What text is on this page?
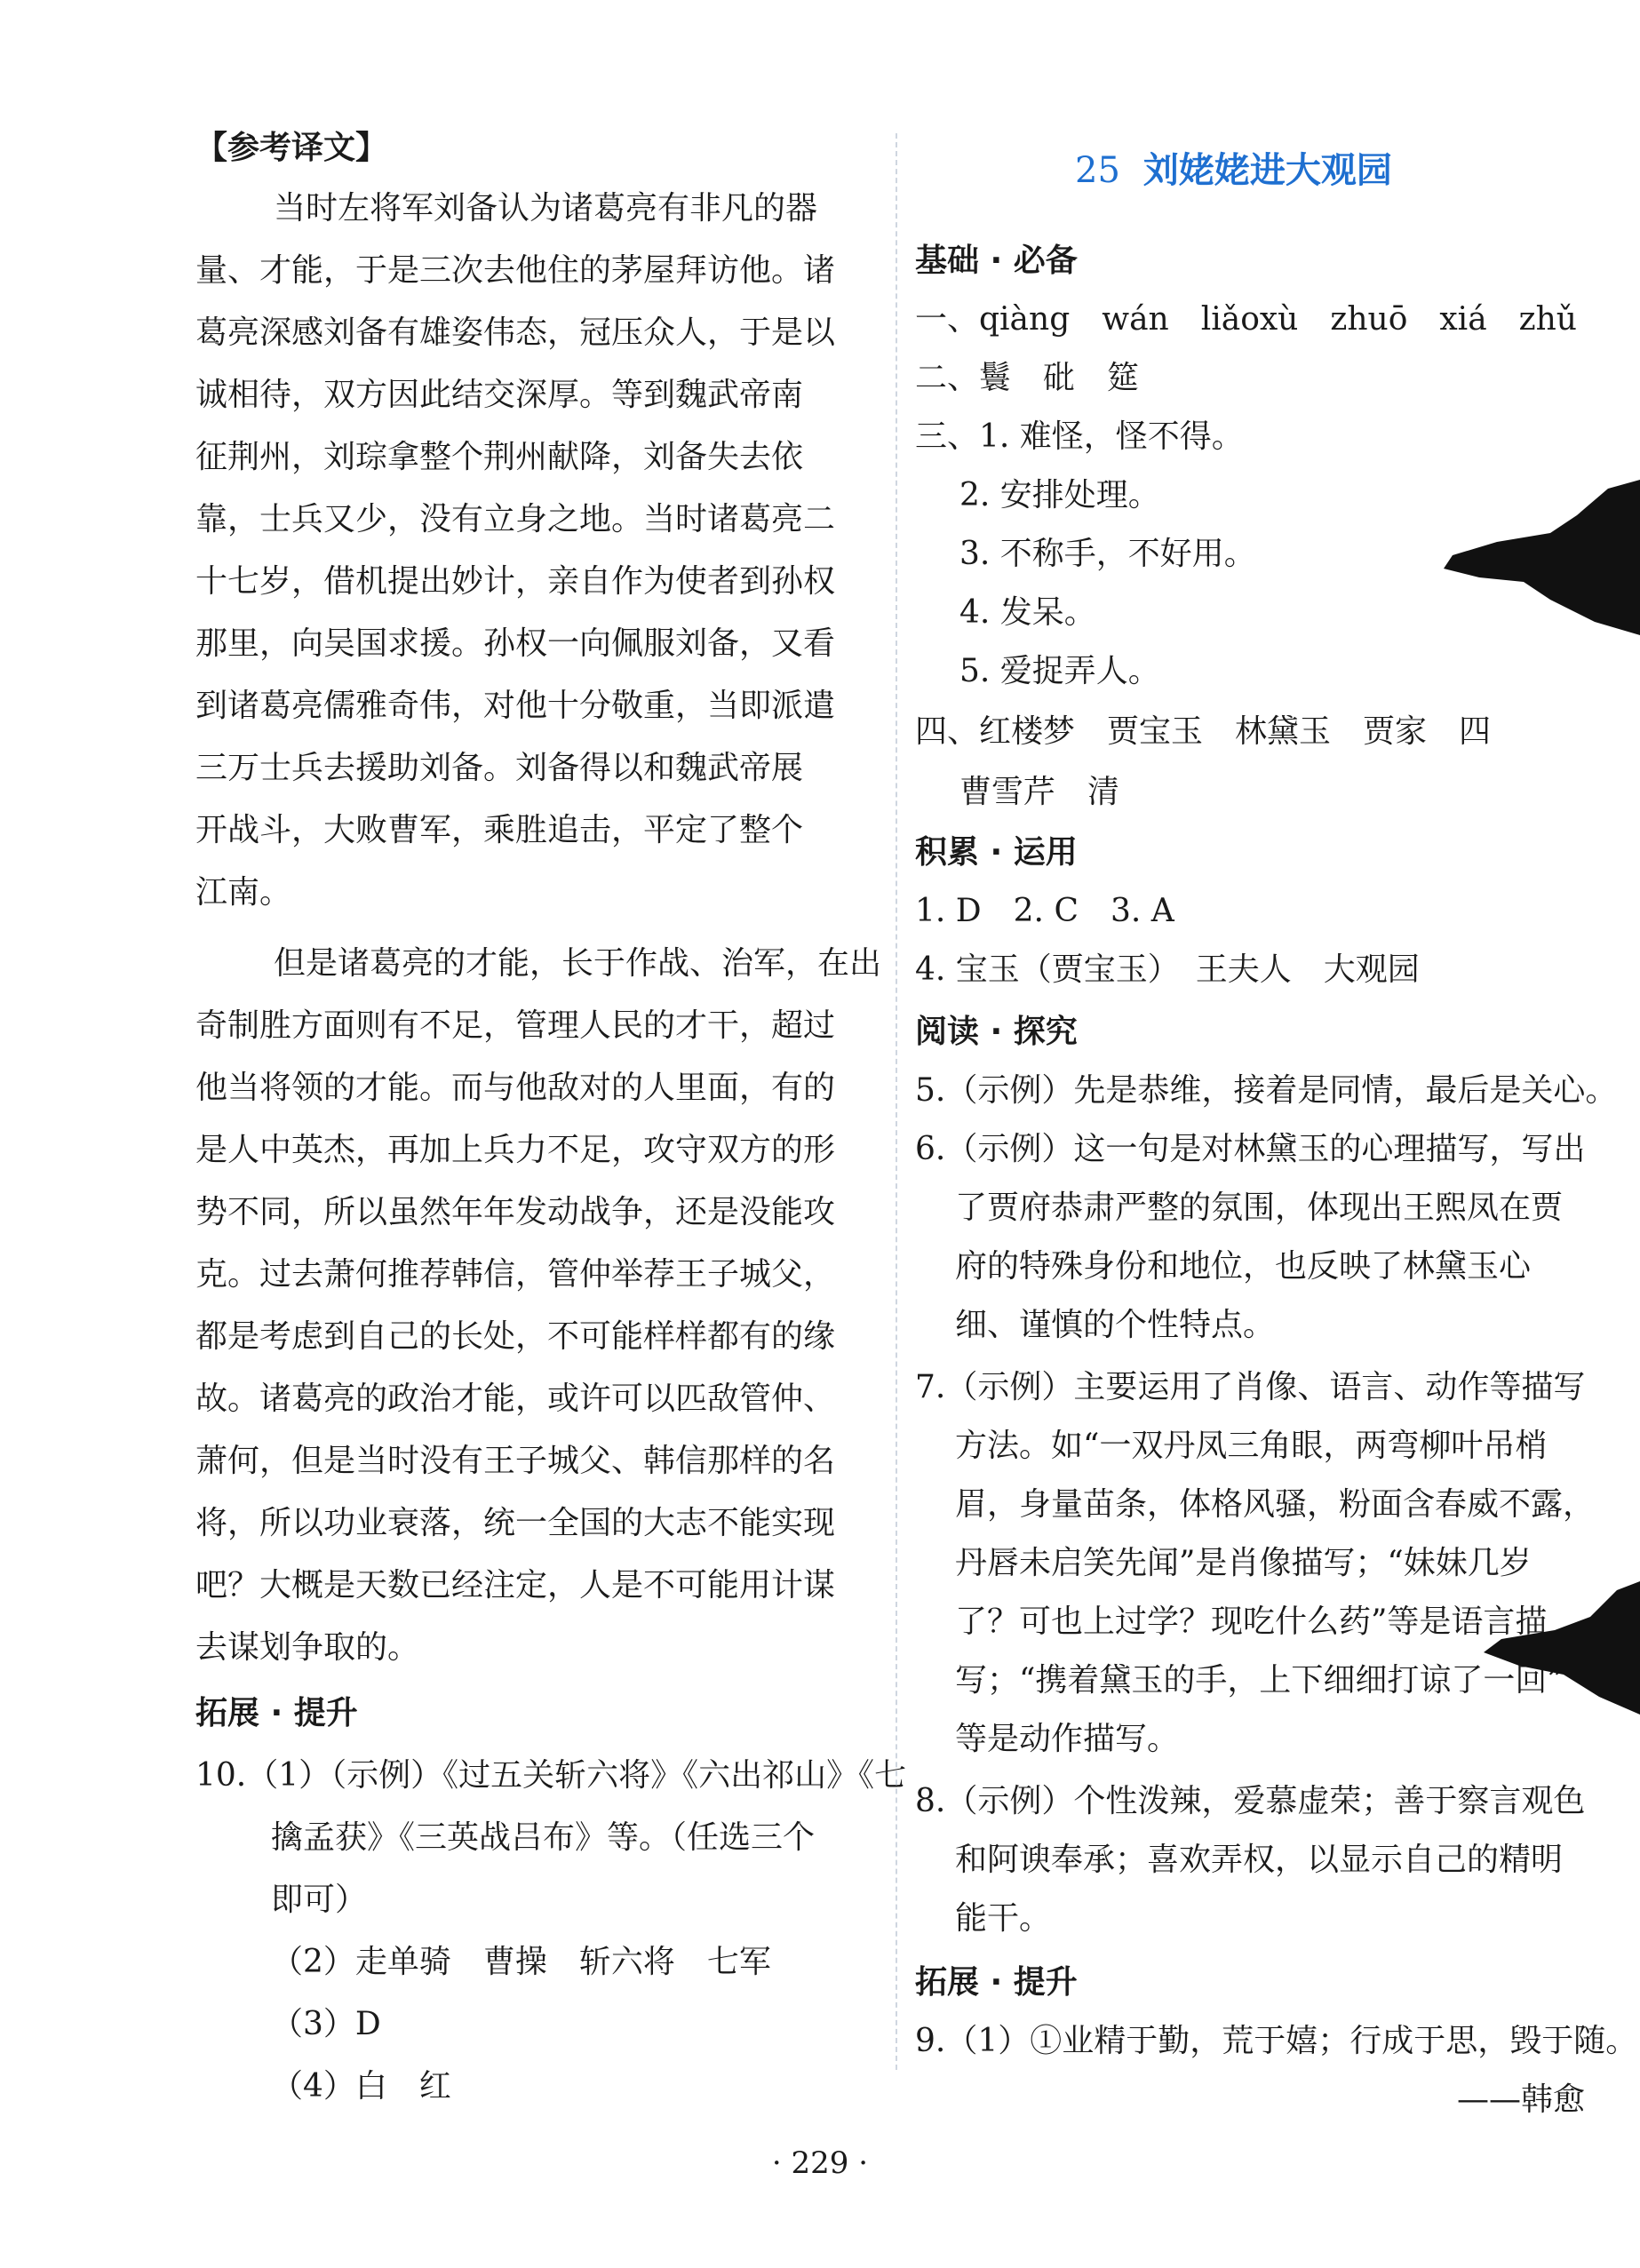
【参考译文】
当时左将军刘备认为诸葛亮有非凡的器
量、才能，于是三次去他住的茅屋拜访他。诸
葛亮深感刘备有雄姿伟态，冠压众人，于是以
诚相待，双方因此结交深厚。等到魏武帝南
征荆州，刘琮拿整个荆州献降，刘备失去依
靠，士兵又少，没有立身之地。当时诸葛亮二
十七岁，借机提出妙计，亲自作为使者到孙权
那里，向吴国求援。孙权一向佩服刘备，又看
到诸葛亮儒雅奇伟，对他十分敬重，当即派遣
三万士兵去援助刘备。刘备得以和魏武帝展
开战斗，大败曹军，乘胜追击，平定了整个
江南。
但是诸葛亮的才能，长于作战、治军，在出
奇制胜方面则有不足，管理人民的才干，超过
他当将领的才能。而与他敌对的人里面，有的
是人中英杰，再加上兵力不足，攻守双方的形
势不同，所以虽然年年发动战争，还是没能攻
克。过去萧何推荐韩信，管仲举荐王子城父，
都是考虑到自己的长处，不可能样样都有的缘
故。诸葛亮的政治才能，或许可以匹敌管仲、
萧何，但是当时没有王子城父、韩信那样的名
将，所以功业衰落，统一全国的大志不能实现
吧？大概是天数已经注定，人是不可能用计谋
去谋划争取的。
拓展 · 提升
10.（1）（示例）《过五关斩六将》《六出祁山》《七
擒孟获》《三英战吕布》等。（任选三个
即可）
（2）走单骑　曹操　斩六将　七军
（3）D
（4）白　红
25 刘姥姥进大观园
基础 · 必备
一、qiàng　wán　liǎoxù　zhuō　xiá　zhǔ
二、鬟　砒　筵
三、1. 难怪，怪不得。
2. 安排处理。
3. 不称手，不好用。
4. 发呆。
5. 爱捉弄人。
四、红楼梦　贾宝玉　林黛玉　贾家　四
曹雪芹　清
积累 · 运用
1. D　2. C　3. A
4. 宝玉（贾宝玉）　王夫人　大观园
阅读 · 探究
5.（示例）先是恭维，接着是同情，最后是关心。
6.（示例）这一句是对林黛玉的心理描写，写出
了贾府恭肃严整的氛围，体现出王熙凤在贾
府的特殊身份和地位，也反映了林黛玉心
细、谨慎的个性特点。
7.（示例）主要运用了肖像、语言、动作等描写
方法。如“一双丹凤三角眼，两弯柳叶吊梢
眉，身量苗条，体格风骚，粉面含春威不露，
丹唇未启笑先闻”是肖像描写；“妹妹几岁
了？可也上过学？现吃什么药”等是语言描
写；“携着黛玉的手，上下细细打谅了一回”
等是动作描写。
8.（示例）个性泼辣，爱慕虚荣；善于察言观色
和阿谀奉承；喜欢弄权，以显示自己的精明
能干。
拓展 · 提升
9.（1）①业精于勤，荒于嬉；行成于思，毁于随。
——韩愈
· 229 ·
